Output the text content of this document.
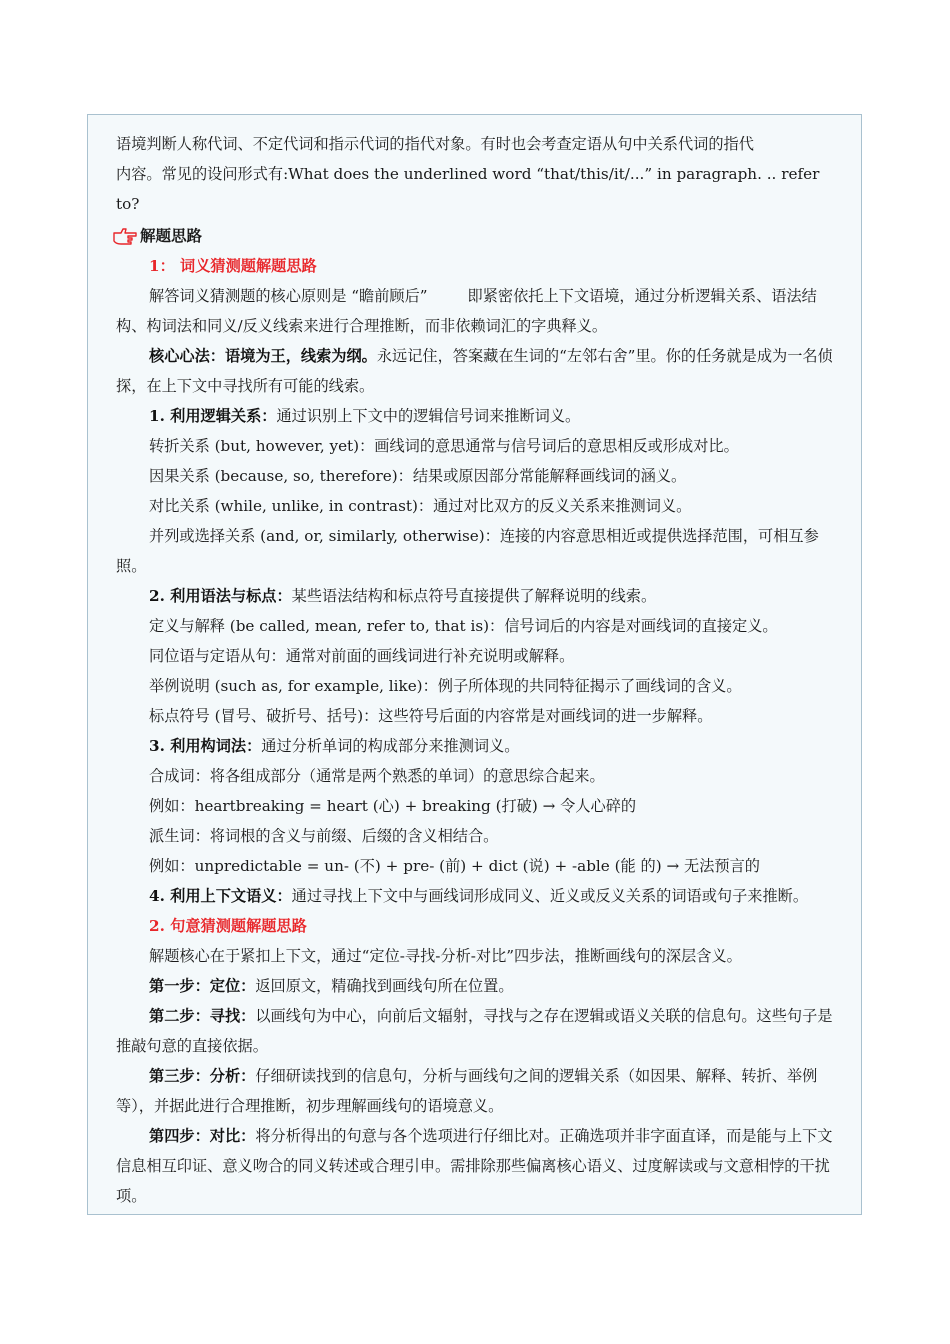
语境判断人称代词、不定代词和指示代词的指代对象。有时也会考查定语从句中关系代词的指代

内容。常见的设问形式有:What does the underlined word “that/this/it/...” in paragraph. .. refer to?

解题思路

1： 词义猜测题解题思路

解答词义猜测题的核心原则是 “瞻前顾后”	即紧密依托上下文语境，通过分析逻辑关系、语法结构、构词法和同义/反义线索来进行合理推断，而非依赖词汇的字典释义。

核心心法：语境为王，线索为纲。永远记住，答案藏在生词的“左邻右舍”里。你的任务就是成为一名侦探，在上下文中寻找所有可能的线索。

1. 利用逻辑关系：通过识别上下文中的逻辑信号词来推断词义。

转折关系 (but, however, yet)：画线词的意思通常与信号词后的意思相反或形成对比。

因果关系 (because, so, therefore)：结果或原因部分常能解释画线词的涵义。

对比关系 (while, unlike, in contrast)：通过对比双方的反义关系来推测词义。

并列或选择关系 (and, or, similarly, otherwise)：连接的内容意思相近或提供选择范围，可相互参照。

2. 利用语法与标点：某些语法结构和标点符号直接提供了解释说明的线索。

定义与解释 (be called, mean, refer to, that is)：信号词后的内容是对画线词的直接定义。

同位语与定语从句：通常对前面的画线词进行补充说明或解释。

举例说明 (such as, for example, like)：例子所体现的共同特征揭示了画线词的含义。

标点符号 (冒号、破折号、括号)：这些符号后面的内容常是对画线词的进一步解释。

3. 利用构词法：通过分析单词的构成部分来推测词义。

合成词：将各组成部分（通常是两个熟悉的单词）的意思综合起来。

例如：heartbreaking = heart (心) + breaking (打破) → 令人心碎的

派生词：将词根的含义与前缀、后缀的含义相结合。

例如：unpredictable = un- (不) + pre- (前) + dict (说) + -able (能 的) → 无法预言的

4. 利用上下文语义：通过寻找上下文中与画线词形成同义、近义或反义关系的词语或句子来推断。

2. 句意猜测题解题思路

解题核心在于紧扣上下文，通过“定位-寻找-分析-对比”四步法，推断画线句的深层含义。

第一步：定位：返回原文，精确找到画线句所在位置。

第二步：寻找：以画线句为中心，向前后文辐射，寻找与之存在逻辑或语义关联的信息句。这些句子是推敲句意的直接依据。

第三步：分析：仔细研读找到的信息句，分析与画线句之间的逻辑关系（如因果、解释、转折、举例等），并据此进行合理推断，初步理解画线句的语境意义。

第四步：对比：将分析得出的句意与各个选项进行仔细比对。正确选项并非字面直译，而是能与上下文信息相互印证、意义吻合的同义转述或合理引申。需排除那些偏离核心语义、过度解读或与文意相悖的干扰项。
